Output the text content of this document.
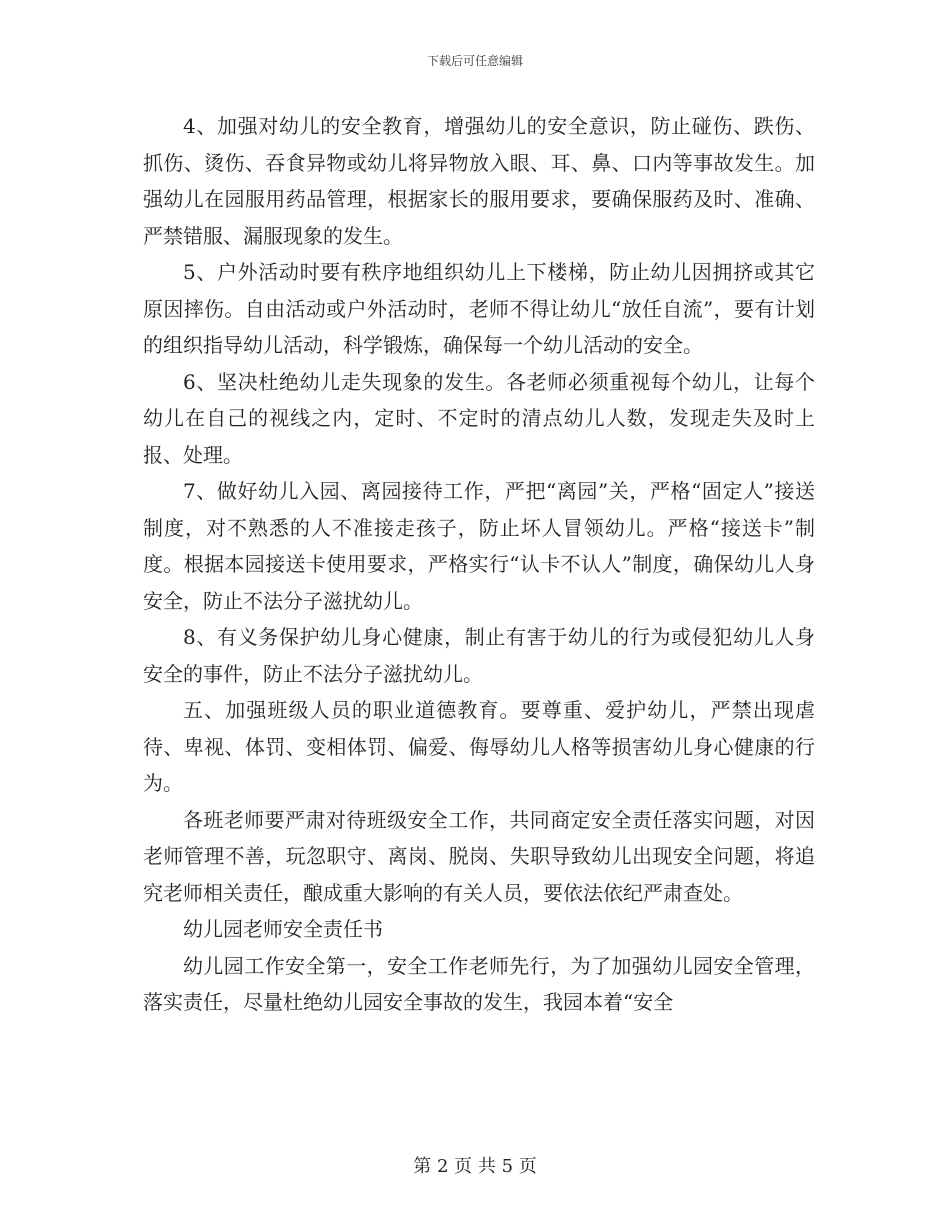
下载后可任意编辑

4、加强对幼儿的安全教育，增强幼儿的安全意识，防止碰伤、跌伤、抓伤、烫伤、吞食异物或幼儿将异物放入眼、耳、鼻、口内等事故发生。加强幼儿在园服用药品管理，根据家长的服用要求，要确保服药及时、准确、严禁错服、漏服现象的发生。

5、户外活动时要有秩序地组织幼儿上下楼梯，防止幼儿因拥挤或其它原因摔伤。自由活动或户外活动时，老师不得让幼儿“放任自流”，要有计划的组织指导幼儿活动，科学锻炼，确保每一个幼儿活动的安全。

6、坚决杜绝幼儿走失现象的发生。各老师必须重视每个幼儿，让每个幼儿在自己的视线之内，定时、不定时的清点幼儿人数，发现走失及时上报、处理。

7、做好幼儿入园、离园接待工作，严把“离园”关，严格“固定人”接送制度，对不熟悉的人不准接走孩子，防止坏人冒领幼儿。严格“接送卡”制度。根据本园接送卡使用要求，严格实行“认卡不认人”制度，确保幼儿人身安全，防止不法分子滋扰幼儿。

8、有义务保护幼儿身心健康，制止有害于幼儿的行为或侵犯幼儿人身安全的事件，防止不法分子滋扰幼儿。

五、加强班级人员的职业道德教育。要尊重、爱护幼儿，严禁出现虐待、卑视、体罚、变相体罚、偏爱、侮辱幼儿人格等损害幼儿身心健康的行为。

各班老师要严肃对待班级安全工作，共同商定安全责任落实问题，对因老师管理不善，玩忽职守、离岗、脱岗、失职导致幼儿出现安全问题，将追究老师相关责任，酿成重大影响的有关人员，要依法依纪严肃查处。

幼儿园老师安全责任书

幼儿园工作安全第一，安全工作老师先行，为了加强幼儿园安全管理，落实责任，尽量杜绝幼儿园安全事故的发生，我园本着“安全

第 2 页 共 5 页
